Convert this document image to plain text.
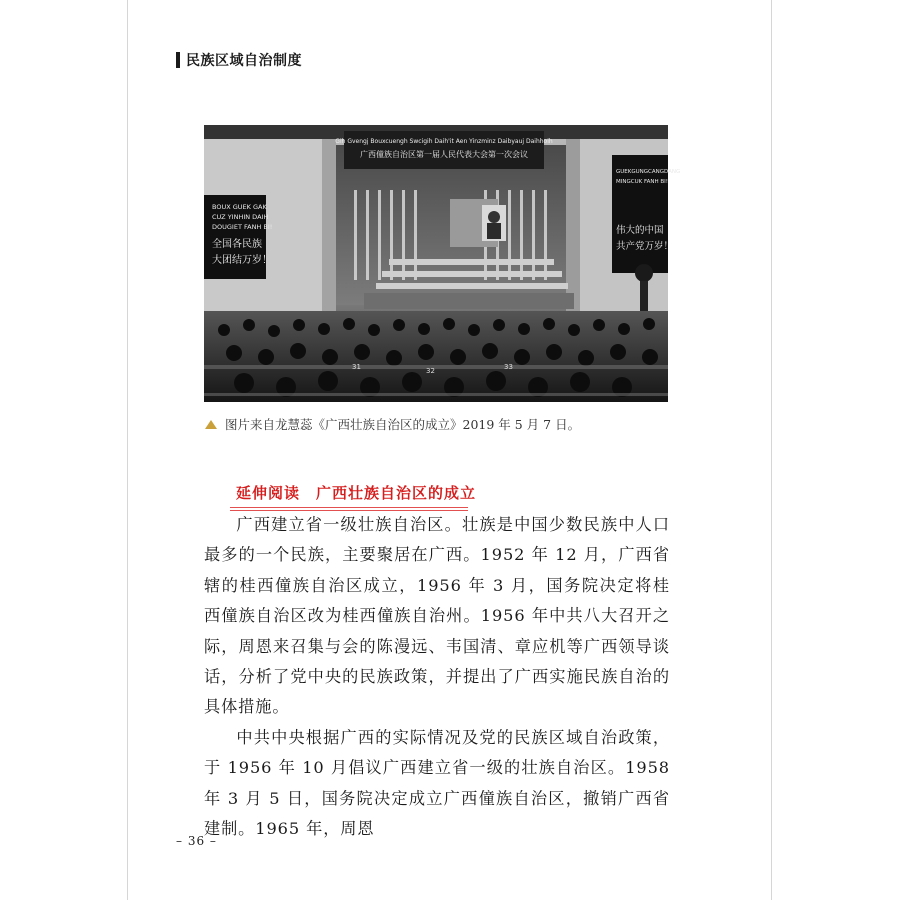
民族区域自治制度
Gih Gvengj Bouxcuengh Swcigih Daih'it Aen Yinzminz Daibyauj Daihhoih
广西僮族自治区第一届人民代表大会第一次会议
BOUX GUEK GAK
CUZ YINHIN DAIH
DOUGIET FANH BI!
全国各民族
大团结万岁！
GUEKGUNGCANGDANG
MINGCUK FANH BI!
伟大的中国
共产党万岁！
31	32	33
图片来自龙慧蕊《广西壮族自治区的成立》2019 年 5 月 7 日。
延伸阅读 广西壮族自治区的成立

广西建立省一级壮族自治区。壮族是中国少数民族中人口最多的一个民族，主要聚居在广西。1952 年 12 月，广西省辖的桂西僮族自治区成立，1956 年 3 月，国务院决定将桂西僮族自治区改为桂西僮族自治州。1956 年中共八大召开之际，周恩来召集与会的陈漫远、韦国清、章应机等广西领导谈话，分析了党中央的民族政策，并提出了广西实施民族自治的具体措施。

中共中央根据广西的实际情况及党的民族区域自治政策，于 1956 年 10 月倡议广西建立省一级的壮族自治区。1958 年 3 月 5 日，国务院决定成立广西僮族自治区，撤销广西省建制。1965 年，周恩

– 36 –
